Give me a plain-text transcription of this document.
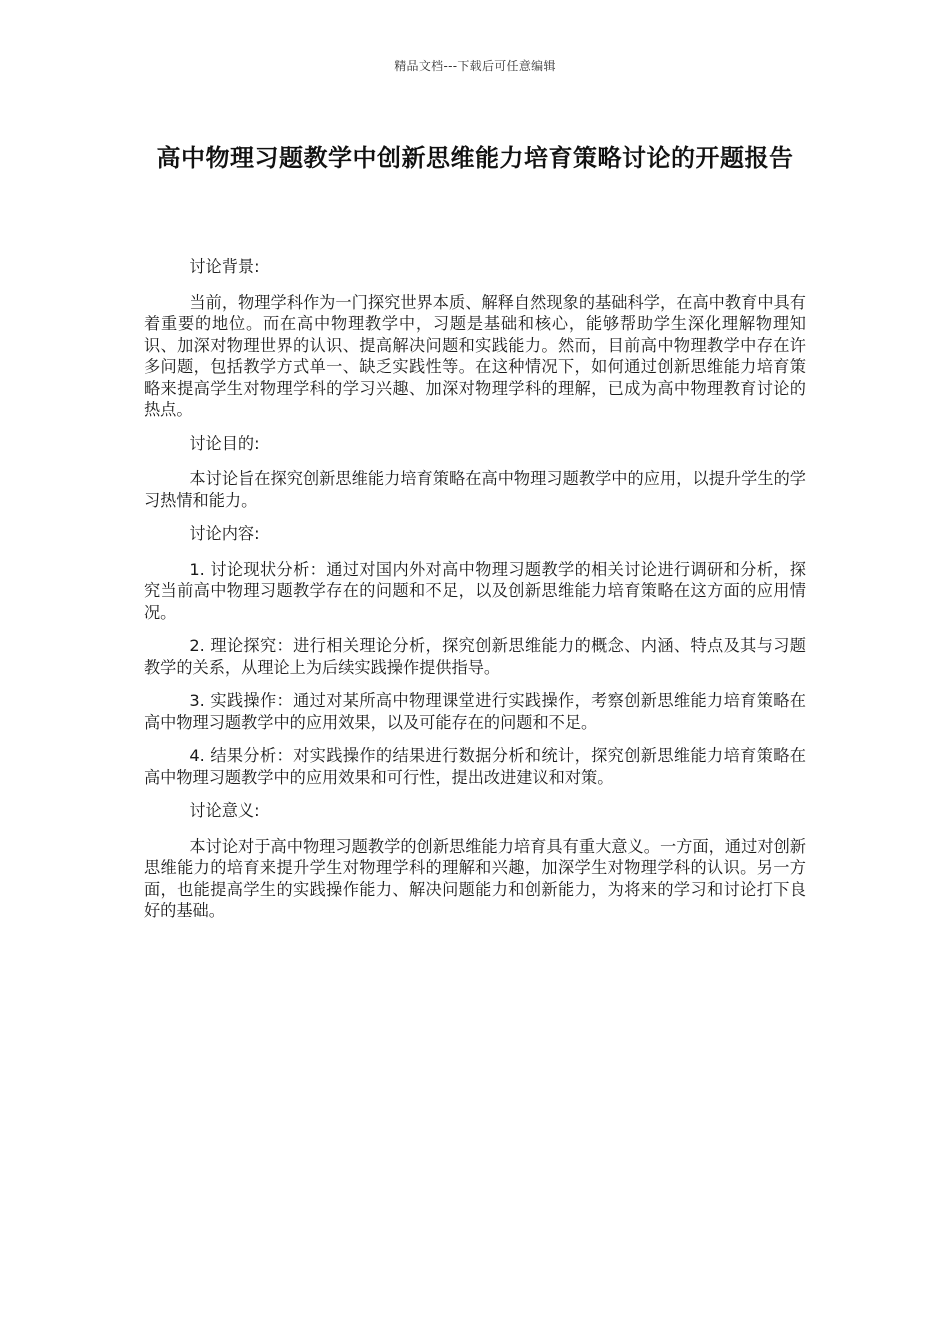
精品文档---下载后可任意编辑
高中物理习题教学中创新思维能力培育策略讨论的开题报告

讨论背景:

当前，物理学科作为一门探究世界本质、解释自然现象的基础科学，在高中教育中具有着重要的地位。而在高中物理教学中，习题是基础和核心，能够帮助学生深化理解物理知识、加深对物理世界的认识、提高解决问题和实践能力。然而，目前高中物理教学中存在许多问题，包括教学方式单一、缺乏实践性等。在这种情况下，如何通过创新思维能力培育策略来提高学生对物理学科的学习兴趣、加深对物理学科的理解，已成为高中物理教育讨论的热点。

讨论目的:

本讨论旨在探究创新思维能力培育策略在高中物理习题教学中的应用，以提升学生的学习热情和能力。

讨论内容:

1. 讨论现状分析：通过对国内外对高中物理习题教学的相关讨论进行调研和分析，探究当前高中物理习题教学存在的问题和不足，以及创新思维能力培育策略在这方面的应用情况。

2. 理论探究：进行相关理论分析，探究创新思维能力的概念、内涵、特点及其与习题教学的关系，从理论上为后续实践操作提供指导。

3. 实践操作：通过对某所高中物理课堂进行实践操作，考察创新思维能力培育策略在高中物理习题教学中的应用效果，以及可能存在的问题和不足。

4. 结果分析：对实践操作的结果进行数据分析和统计，探究创新思维能力培育策略在高中物理习题教学中的应用效果和可行性，提出改进建议和对策。

讨论意义:

本讨论对于高中物理习题教学的创新思维能力培育具有重大意义。一方面，通过对创新思维能力的培育来提升学生对物理学科的理解和兴趣，加深学生对物理学科的认识。另一方面，也能提高学生的实践操作能力、解决问题能力和创新能力，为将来的学习和讨论打下良好的基础。
